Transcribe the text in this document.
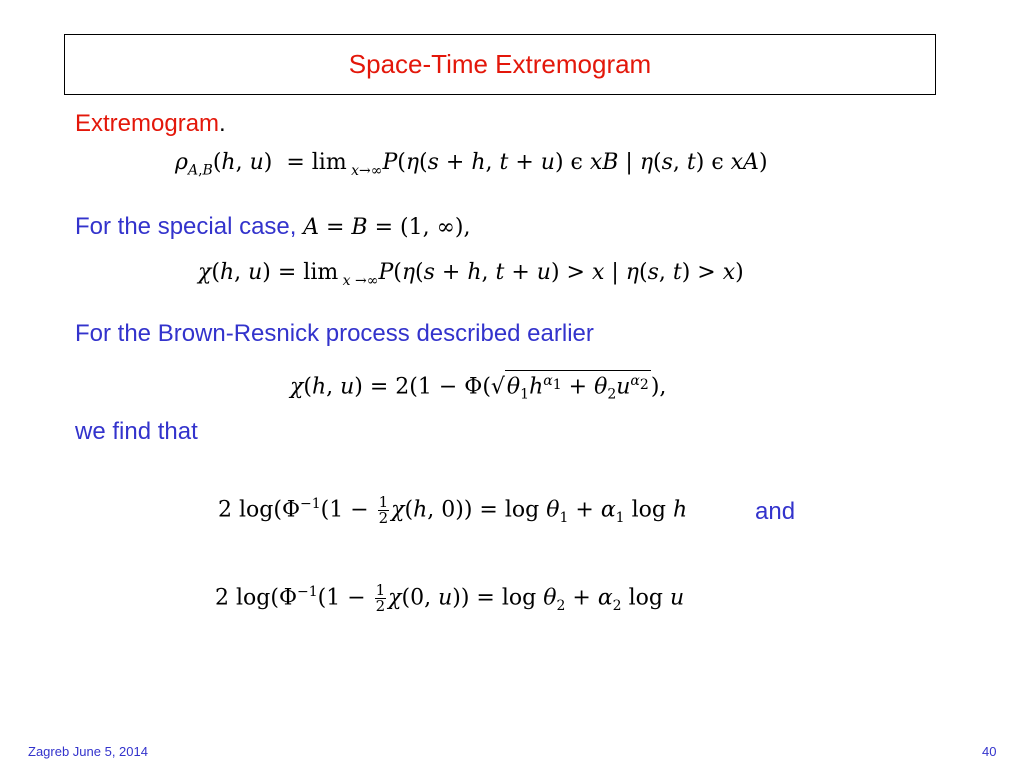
Space-Time Extremogram
Extremogram.
$\rho_{A,B}(h$, u)  = lim $_{x\to\infty}$P(η(s + h, t + u) ϵ xB | η(s, t) ϵ xA)
For the special case, A = B = (1, ∞),
χ(h, u) = lim $_{x \to\infty}$P(η(s + h, t + u) > x | η(s, t) > x)
For the Brown-Resnick process described earlier
χ(h, $u) = 2(1 - \Phi(√\theta_1h^{\alpha_1} + \theta_2u^{\alpha_2})$,
we find that
2 $\log(\Phi^{-1}(1 - \frac{1}{2} \chi(h$, $0)) = \log \theta_1 + \alpha_1$ log h	and
2 $\log(\Phi^{-1}(1 - \frac{1}{2} \chi(0$, $u)) = \log \theta_2 + \alpha_2$ log u
Zagreb June 5, 2014	40
